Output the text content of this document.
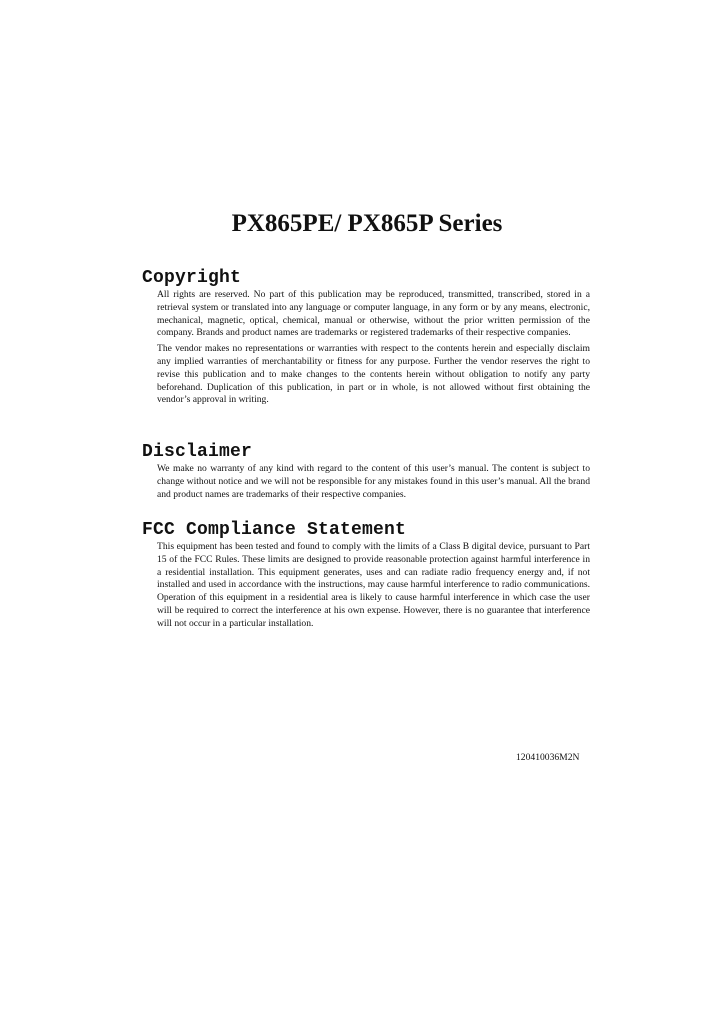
PX865PE/ PX865P Series
Copyright

All rights are reserved. No part of this publication may be reproduced, transmitted, transcribed, stored in a retrieval system or translated into any language or computer language, in any form or by any means, electronic, mechanical, magnetic, optical, chemical, manual or otherwise, without the prior written permission of the company. Brands and product names are trademarks or registered trademarks of their respective companies.

The vendor makes no representations or warranties with respect to the contents herein and especially disclaim any implied warranties of merchantability or fitness for any purpose. Further the vendor reserves the right to revise this publication and to make changes to the contents herein without obligation to notify any party beforehand. Duplication of this publication, in part or in whole, is not allowed without first obtaining the vendor’s approval in writing.

Disclaimer

We make no warranty of any kind with regard to the content of this user’s manual. The content is subject to change without notice and we will not be responsible for any mistakes found in this user’s manual. All the brand and product names are trademarks of their respective companies.

FCC Compliance Statement

This equipment has been tested and found to comply with the limits of a Class B digital device, pursuant to Part 15 of the FCC Rules. These limits are designed to provide reasonable protection against harmful interference in a residential installation. This equipment generates, uses and can radiate radio frequency energy and, if not installed and used in accordance with the instructions, may cause harmful interference to radio communications. Operation of this equipment in a residential area is likely to cause harmful interference in which case the user will be required to correct the interference at his own expense. However, there is no guarantee that interference will not occur in a particular installation.

120410036M2N
